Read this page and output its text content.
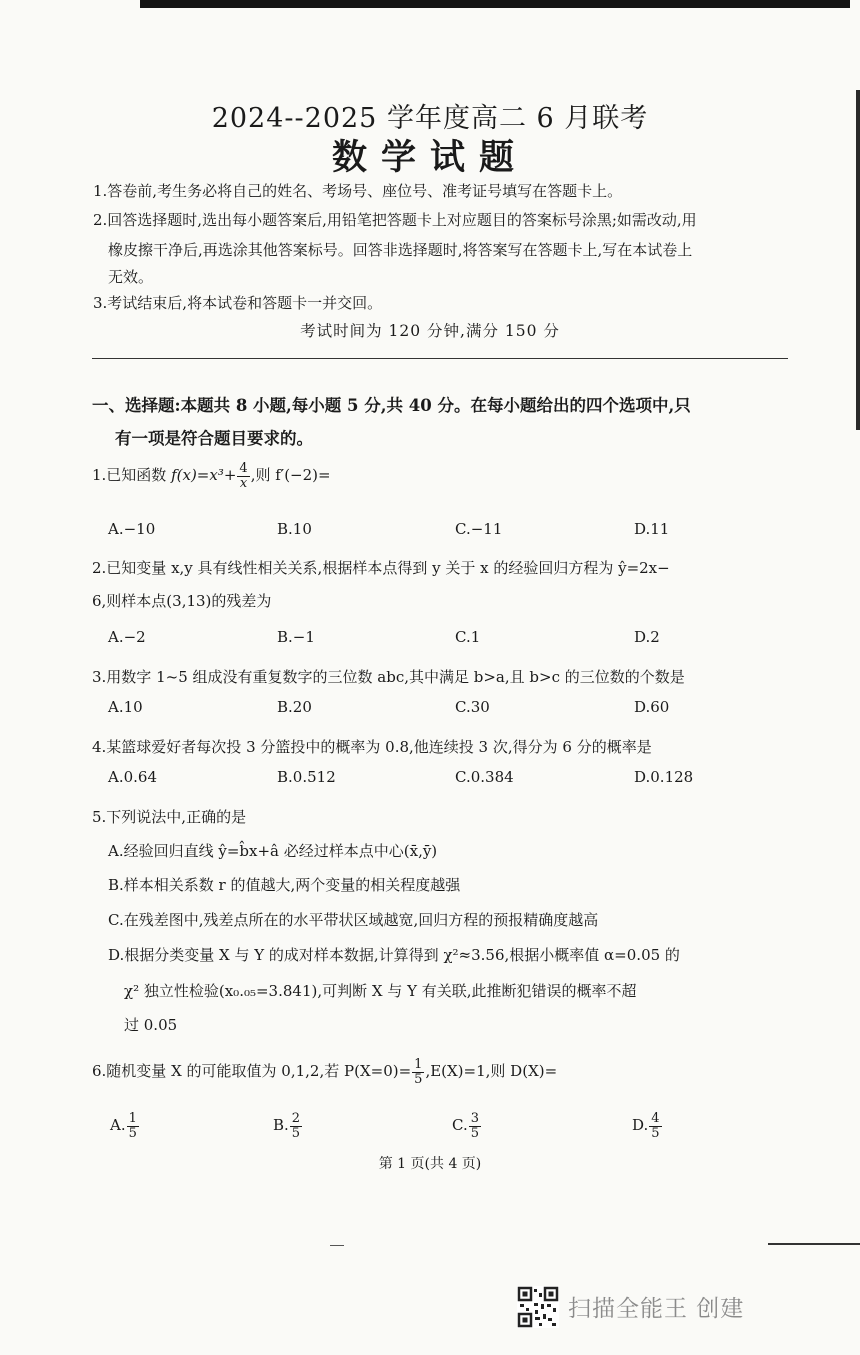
2024--2025 学年度高二 6 月联考
数学试题
1.答卷前,考生务必将自己的姓名、考场号、座位号、准考证号填写在答题卡上。
2.回答选择题时,选出每小题答案后,用铅笔把答题卡上对应题目的答案标号涂黑;如需改动,用
橡皮擦干净后,再选涂其他答案标号。回答非选择题时,将答案写在答题卡上,写在本试卷上
无效。
3.考试结束后,将本试卷和答题卡一并交回。
考试时间为 120 分钟,满分 150 分
一、选择题:本题共 8 小题,每小题 5 分,共 40 分。在每小题给出的四个选项中,只
有一项是符合题目要求的。
1.已知函数 $f(x)=x^3+ \frac{4}{x}$ ,则 f′(−2)=
A.−10	B.10	C.−11	D.11
2.已知变量 x,y 具有线性相关关系,根据样本点得到 y 关于 x 的经验回归方程为 ŷ=2x−
6,则样本点(3,13)的残差为
A.−2	B.−1	C.1	D.2
3.用数字 1~5 组成没有重复数字的三位数 abc,其中满足 b>a,且 b>c 的三位数的个数是
A.10	B.20	C.30	D.60
4.某篮球爱好者每次投 3 分篮投中的概率为 0.8,他连续投 3 次,得分为 6 分的概率是
A.0.64	B.0.512	C.0.384	D.0.128
5.下列说法中,正确的是
A.经验回归直线 ŷ=b̂x+â 必经过样本点中心(x̄,ȳ)
B.样本相关系数 r 的值越大,两个变量的相关程度越强
C.在残差图中,残差点所在的水平带状区域越宽,回归方程的预报精确度越高
D.根据分类变量 X 与 Y 的成对样本数据,计算得到 χ²≈3.56,根据小概率值 α=0.05 的
χ² 独立性检验(x₀.₀₅=3.841),可判断 X 与 Y 有关联,此推断犯错误的概率不超
过 0.05
6.随机变量 X 的可能取值为 0,1,2,若 $P(X=0)= \frac{1}{5} ,E(X)=1$,则 D(X)=
A. $\frac{1}{5}$	B. $\frac{2}{5}$	C. $\frac{3}{5}$	D. $\frac{4}{5}$
第 1 页(共 4 页)
扫描全能王 创建
